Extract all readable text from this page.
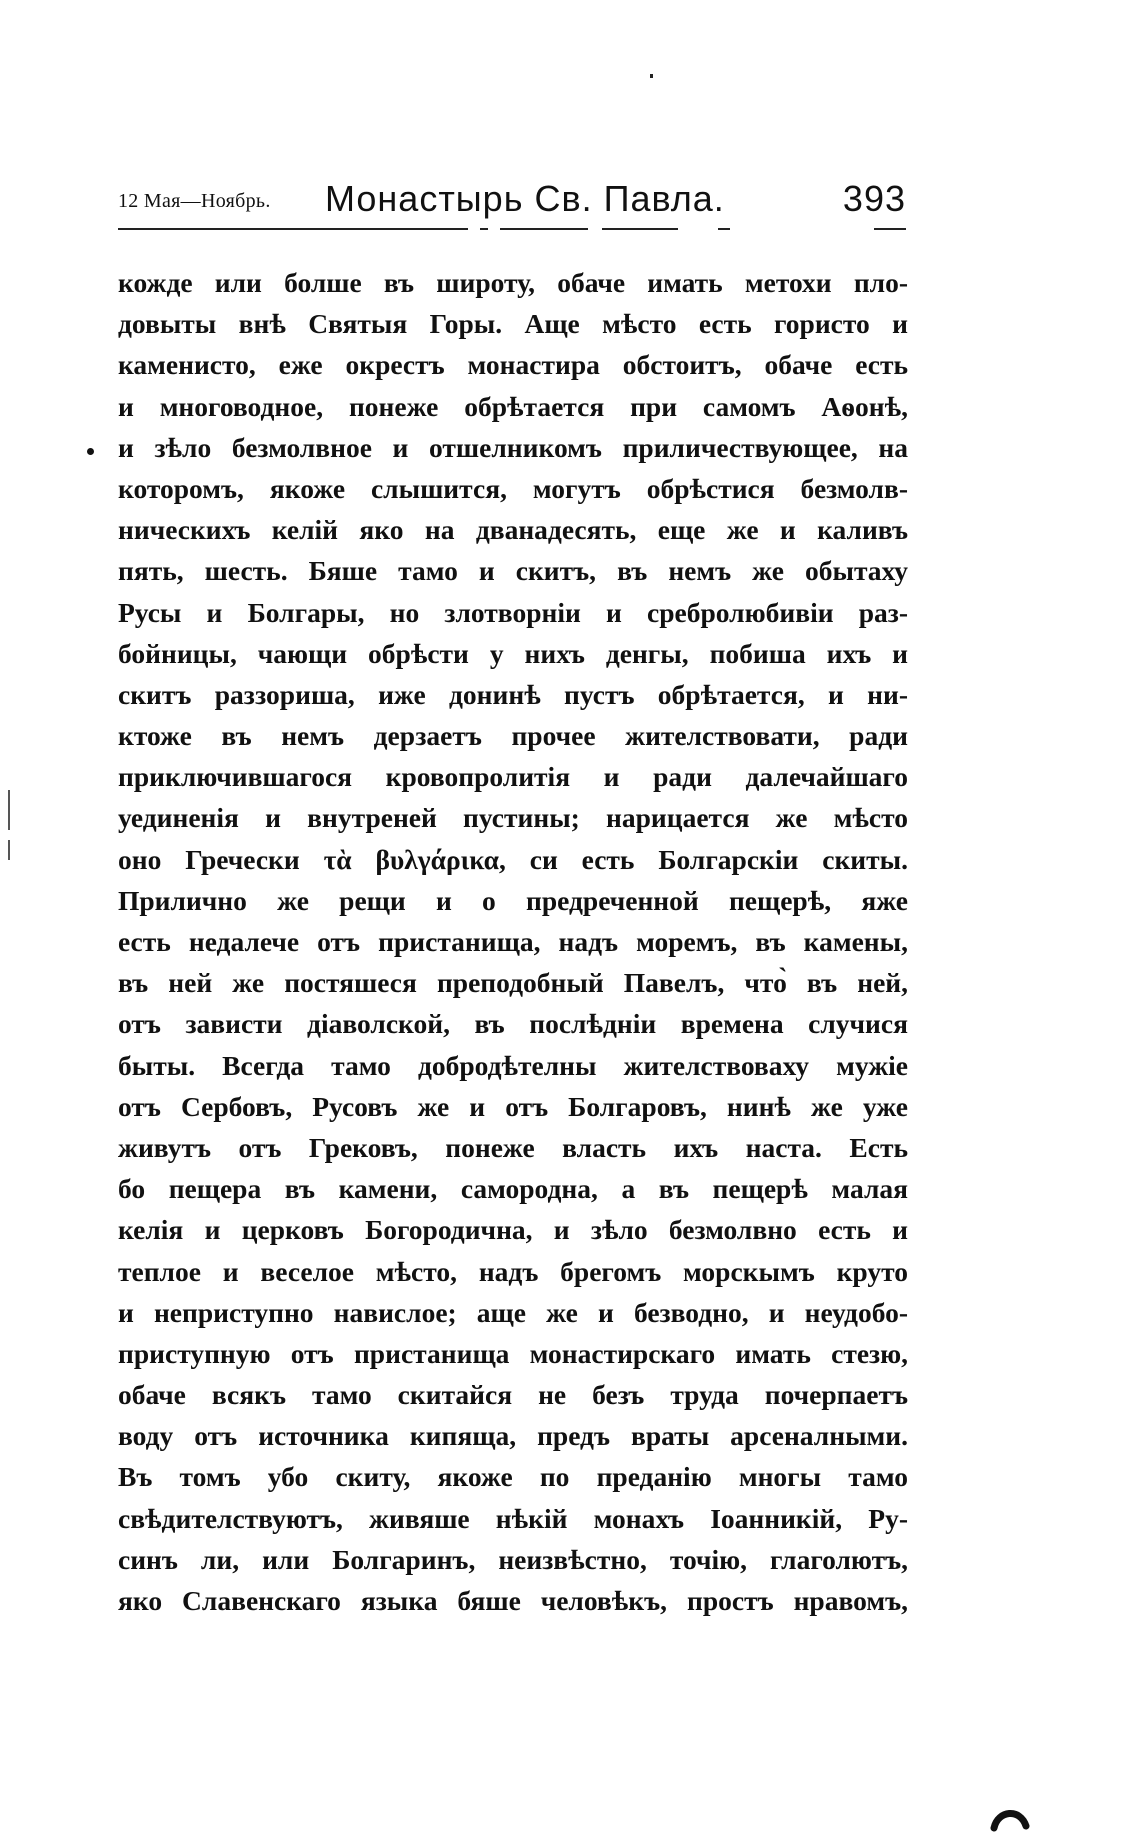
12 Мая—Ноябрь. Монастырь Св. Павла.	393
кожде или болше въ широту, обаче имать метохи пло-
довыты внѣ Святыя Горы. Аще мѣсто есть гористо и
каменисто, еже окрестъ монастира обстоитъ, обаче есть
и многоводное, понеже обрѣтается при самомъ Аѳонѣ,
и зѣло безмолвное и отшелникомъ приличествующее, на
которомъ, якоже слышится, могутъ обрѣстися безмолв-
ническихъ келій яко на дванадесять, еще же и каливъ
пять, шесть. Бяше тамо и скитъ, въ немъ же обытаху
Русы и Болгары, но злотворніи и сребролюбивіи раз-
бойницы, чающи обрѣсти у нихъ денгы, побиша ихъ и
скитъ раззориша, иже донинѣ пустъ обрѣтается, и ни-
ктоже въ немъ дерзаетъ прочее жителствовати, ради
приключившагося кровопролитія и ради далечайшаго
уединенія и внутреней пустины; нарицается же мѣсто
оно Гречески τὰ βυλγάρικα, си есть Болгарскіи скиты.
Прилично же рещи и о предреченной пещерѣ, яже
есть недалече отъ пристанища, надъ моремъ, въ камены,
въ ней же постяшеся преподобный Павелъ, что̀ въ ней,
отъ зависти діаволской, въ послѣдніи времена случися
быты. Всегда тамо добродѣтелны жителствоваху мужіе
отъ Сербовъ, Русовъ же и отъ Болгаровъ, нинѣ же уже
живутъ отъ Грековъ, понеже власть ихъ наста. Есть
бо пещера въ камени, самородна, а въ пещерѣ малая
келія и церковъ Богородична, и зѣло безмолвно есть и
теплое и веселое мѣсто, надъ брегомъ морскымъ круто
и неприступно навислое; аще же и безводно, и неудобо-
приступную отъ пристанища монастирскаго имать стезю,
обаче всякъ тамо скитайся не безъ труда почерпаетъ
воду отъ источника кипяща, предъ враты арсеналными.
Въ томъ убо скиту, якоже по преданію многы тамо
свѣдителствуютъ, живяше нѣкій монахъ Іоанникій, Ру-
синъ ли, или Болгаринъ, неизвѣстно, точію, глаголютъ,
яко Славенскаго языка бяше человѣкъ, простъ нравомъ,
